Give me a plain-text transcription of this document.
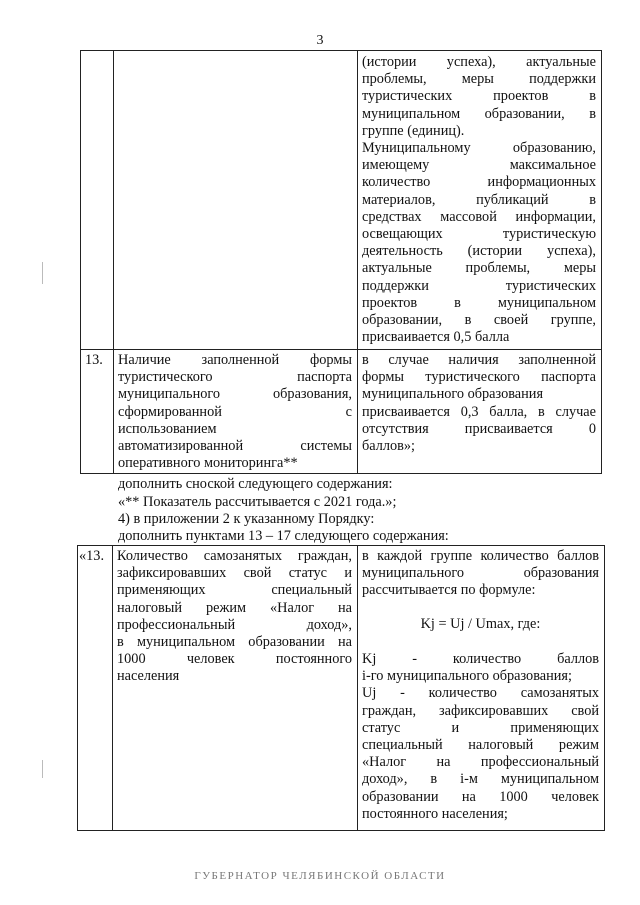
3
(истории успеха), актуальные
проблемы, меры поддержки
туристических проектов в
муниципальном образовании, в
группе (единиц).
Муниципальному образованию,
имеющему максимальное
количество информационных
материалов, публикаций в
средствах массовой информации,
освещающих туристическую
деятельность (истории успеха),
актуальные проблемы, меры
поддержки туристических
проектов в муниципальном
образовании, в своей группе,
присваивается 0,5 балла
13. Наличие заполненной формы
туристического паспорта
муниципального образования,
сформированной с
использованием
автоматизированной системы
оперативного мониторинга**
в случае наличия заполненной
формы туристического паспорта
муниципального образования
присваивается 0,3 балла, в случае
отсутствия присваивается 0
баллов»;
дополнить сноской следующего содержания:
«** Показатель рассчитывается с 2021 года.»;
4) в приложении 2 к указанному Порядку:
дополнить пунктами 13 – 17 следующего содержания:
«13. Количество самозанятых граждан,
зафиксировавших свой статус и
применяющих специальный
налоговый режим «Налог на
профессиональный доход»,
в муниципальном образовании на
1000 человек постоянного
населения
в каждой группе количество баллов
муниципального образования
рассчитывается по формуле:
Kj = Uj / Umax, где:
Kj - количество баллов
i-го муниципального образования;
Uj - количество самозанятых
граждан, зафиксировавших свой
статус и применяющих
специальный налоговый режим
«Налог на профессиональный
доход», в i-м муниципальном
образовании на 1000 человек
постоянного населения;
ГУБЕРНАТОР ЧЕЛЯБИНСКОЙ ОБЛАСТИ
